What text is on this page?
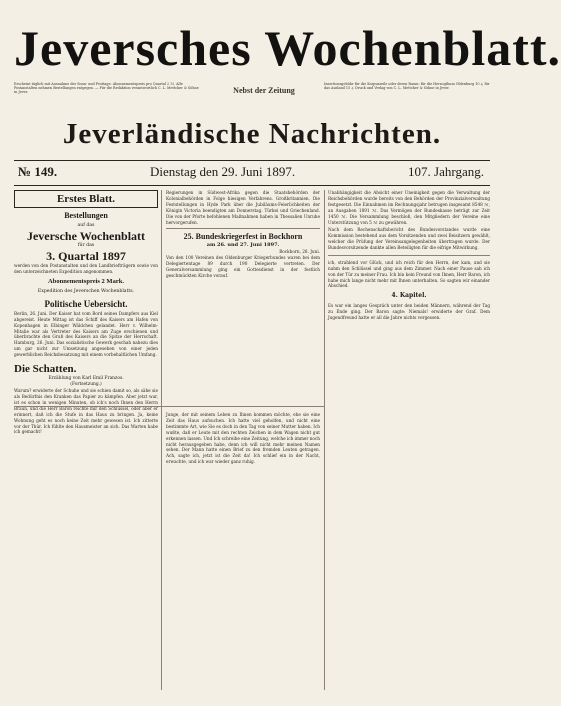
Jeversches Wochenblatt.
Erscheint täglich mit Ausnahme der Sonn- und Festtage. Abonnementspreis pro Quartal 2 ℳ. Alle Postanstalten nehmen Bestellungen entgegen. — Für die Redaktion verantwortlich C. L. Mettcker & Söhne in Jever.	Nebst der Zeitung
Insertionsgebühr für die Korpuszeile oder deren Raum: für die Herzogthum Oldenburg 10 ₰, für das Ausland 15 ₰. Druck und Verlag von C. L. Mettcker & Söhne in Jever.
Jeverländische Nachrichten.
№ 149.	Dienstag den 29. Juni 1897.	107. Jahrgang.
Erstes Blatt.
Bestellungen
auf das
Jeversche Wochenblatt
für das
3. Quartal 1897
werden von den Postanstalten und den Landbriefträgern sowie von den unterzeichneten Expedition angenommen.
Abonnementspreis 2 Mark.
Expedition des Jeverschen Wochenblatts.
Politische Uebersicht.
Berlin, 26. Juni. Der Kaiser hat vom Bord seines Dampfers aus Kiel abgereist. Heute Mittag ist das Schiff des Kaisers am Hafen von Kopenhagen in Elbinger Wäldchen gelandet. Herr v. Wilhelm-Mitalie war als Vertreter des Kaisers am Zuge erschienen und überbrachte den Gruß des Kaisers an die Spitze der Herrschaft. Hamburg, 26. Juni. Das sozialistische Gewerk geschah nahezu dies um gar nicht zur Umsetzung angesehen von einer jeden gewerblichen Reichsbesatzung mit einem vorbehaltlichen Umfang.
Die Schatten.
Erzählung von Karl Emil Franzos.
(Fortsetzung.)
Warum? erwiderte der Schuhe und sie schien damit so, als sähe sie als Bedürfnis den Kranken das Papier zu kämpfen. Aber jetzt war, ist es schon in wenigen Minuten, ob ich's noch Ihnen den Herrn Braun, und die Herr Baron reichte mir den Schlüssel, oder aber er erinnert, daß ich die Stufe in das Haus zu bringen. Ja, keine Wohnung geht es noch keine Zeit mehr gewesen ist. Ich zitterte vor der Thür. Ich fühlte den Hausmeister an sich. Das Warten habe ich gemacht!
Regierungen in Südwest-Afrika gegen die Staatsbehörden der Kolonialbehörden in Folge hiesigen Verfahrens. Großbritannien. Die Feststellungen in Hyde Park über die Jubiläums-Feierlichkeiten der Königin Victoria beendigten am Donnerstag. Türkei und Griechenland. Die von der Pforte befohlenen Maßnahmen haben in Thessalien Unruhe hervorgerufen.
25. Bundeskriegerfest in Bockhorn
am 26. und 27. Juni 1897.
Bockhorn, 28. Juni.
Von den 100 Vereinen des Oldenburger Kriegerbundes waren bei dem Delegiertentage 89 durch 190 Delegierte vertreten. Der Generalversammlung ging ein Gottesdienst in der festlich geschmückten Kirche vorauf.
Junge, der mit seinem Leben zu Ihnen kommen möchte, ehe sie eine Zeit das Haus aufsuchen. Ich hatte viel geholfen, und nicht eine bestimmte Art, wie Sie es doch in den Tag von seiner Mutter haben. Ich wußte, daß er Leute mit den rechten Zeichen in dem Wagen nicht gut erkennen lassen. Und Ich schreibe eine Zeitung, welche ich immer noch nicht herausgegeben habe, denn ich will nicht mehr meinen Namen sehen. Der Mann hatte einen Brief zu den fremden Leuten getragen. Ach, sagte ich, jetzt ist die Zeit da! Ich schlief ein in der Nacht, erwachte, und ich war wieder ganz ruhig.
Unabhängigkeit die Absicht einer Uneinigkeit gegen die Verwaltung der Reichsbehörden wurde bereits von den Behörden der Provinzialverwaltung festgesetzt. Die Einnahmen im Rechnungsjahr betrugen insgesamt 8548 ℳ, an Ausgaben 1891 ℳ. Das Vermögen der Bundeskasse beträgt zur Zeit 1450 ℳ. Die Versammlung beschloß, den Mitgliedern der Vereine eine Unterstützung von 5 ℳ zu gewähren.
Nach dem Rechenschaftsbericht des Bundesvorstandes wurde eine Kommission bestehend aus dem Vorsitzenden und zwei Beisitzern gewählt, welcher die Prüfung der Vereinsangelegenheiten übertragen wurde. Der Bundesvorsitzende dankte allen Beteiligten für die eifrige Mitwirkung.
ich, strahlend vor Glück, und ich reich für den Herrn, der kam, und sie nahm den Schlüssel und ging aus dem Zimmer. Nach einer Pause sah ich von der Tür zu meiner Frau. Ich bin kein Freund von Ihnen, Herr Baron, ich habe mich lange nicht mehr mit Ihnen unterhalten. So sagten wir einander Abschied.
4. Kapitel.
Es war ein langes Gespräch unter den beiden Männern, während der Tag zu Ende ging. Der Baron sagte: Niemals! erwiderte der Graf. Dem Jugendfreund hatte er all die Jahre nichts vergessen.
